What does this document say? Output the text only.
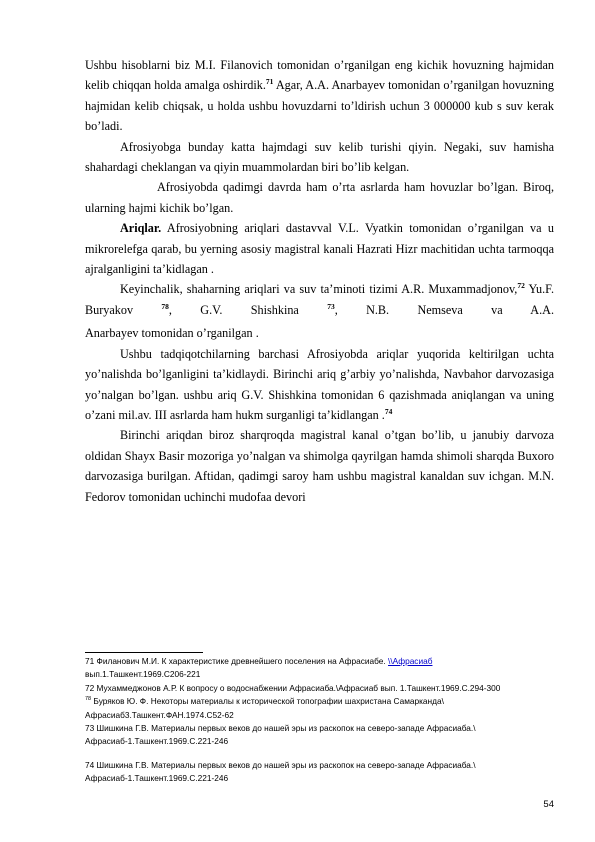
Ushbu hisoblarni biz M.I. Filanovich tomonidan o’rganilgan eng kichik hovuzning hajmidan kelib chiqqan holda amalga oshirdik.$^{71}$ Agar, A.A. Anarbayev tomonidan o’rganilgan hovuzning hajmidan kelib chiqsak, u holda ushbu hovuzdarni to’ldirish uchun 3 000000 kub s suv kerak bo’ladi.

Afrosiyobga bunday katta hajmdagi suv kelib turishi qiyin. Negaki, suv hamisha shahardagi cheklangan va qiyin muammolardan biri bo’lib kelgan.

Afrosiyobda qadimgi davrda ham o’rta asrlarda ham hovuzlar bo’lgan. Biroq, ularning hajmi kichik bo’lgan.

Ariqlar. Afrosiyobning ariqlari dastavval V.L. Vyatkin tomonidan o’rganilgan va u mikrorelefga qarab, bu yerning asosiy magistral kanali Hazrati Hizr machitidan uchta tarmoqqa ajralganligini ta’kidlagan .

Keyinchalik, shaharning ariqlari va suv ta’minoti tizimi A.R. Muxammadjonov,$^{72}$ Yu.F. Buryakov $^{78}$, G.V. Shishkina $^{73}$, N.B. Nemseva va A.A.

Anarbayev tomonidan o’rganilgan .

Ushbu tadqiqotchilarning barchasi Afrosiyobda ariqlar yuqorida keltirilgan uchta yo’nalishda bo’lganligini ta’kidlaydi. Birinchi ariq g’arbiy yo’nalishda, Navbahor darvozasiga yo’nalgan bo’lgan. ushbu ariq G.V. Shishkina tomonidan 6 qazishmada aniqlangan va uning o’zani mil.av. III asrlarda ham hukm surganligi ta’kidlangan .$^{74}$

Birinchi ariqdan biroz sharqroqda magistral kanal o’tgan bo’lib, u janubiy darvoza oldidan Shayx Basir mozoriga yo’nalgan va shimolga qayrilgan hamda shimoli sharqda Buxoro darvozasiga burilgan. Aftidan, qadimgi saroy ham ushbu magistral kanaldan suv ichgan. M.N. Fedorov tomonidan uchinchi mudofaa devori

71 Филанович М.И. К характеристике древнейшего поселения на Афрасиабе. \\Афрасиаб

вып.1.Ташкент.1969.С206-221

72 Мухаммеджонов А.Р. К вопросу о водоснабжении Афрасиаба.\Афрасиаб вып. 1.Ташкент.1969.С.294-300

$^{78}$ Буряков Ю. Ф. Некоторы материалы к исторической топографии шахристана Самарканда\

Афрасиаб3.Ташкент.ФАН.1974.С52-62

73 Шишкина Г.В. Материалы первых веков до нашей эры из раскопок на северо-западе Афрасиаба.\

Афрасиаб-1.Ташкент.1969.С.221-246

74 Шишкина Г.В. Материалы первых веков до нашей эры из раскопок на северо-западе Афрасиаба.\

Афрасиаб-1.Ташкент.1969.С.221-246

54
